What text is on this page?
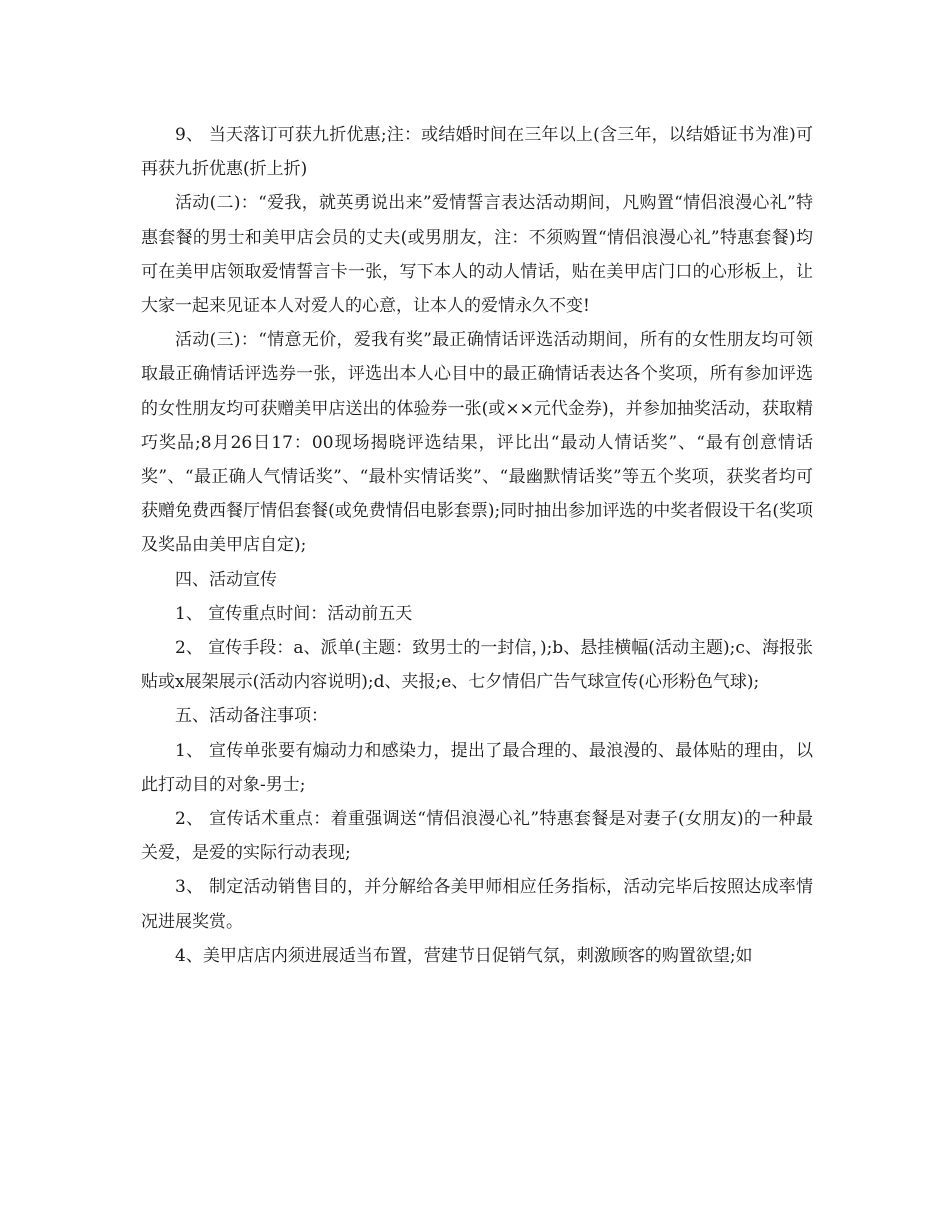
9、 当天落订可获九折优惠;注：或结婚时间在三年以上(含三年，以结婚证书为准)可再获九折优惠(折上折)

活动(二)：“爱我，就英勇说出来”爱情誓言表达活动期间，凡购置“情侣浪漫心礼”特惠套餐的男士和美甲店会员的丈夫(或男朋友，注：不须购置“情侣浪漫心礼”特惠套餐)均可在美甲店领取爱情誓言卡一张，写下本人的动人情话，贴在美甲店门口的心形板上，让大家一起来见证本人对爱人的心意，让本人的爱情永久不变!

活动(三)：“情意无价，爱我有奖”最正确情话评选活动期间，所有的女性朋友均可领取最正确情话评选券一张，评选出本人心目中的最正确情话表达各个奖项，所有参加评选的女性朋友均可获赠美甲店送出的体验券一张(或××元代金券)，并参加抽奖活动，获取精巧奖品;8月26日17：00现场揭晓评选结果，评比出“最动人情话奖”、“最有创意情话奖”、“最正确人气情话奖”、“最朴实情话奖”、“最幽默情话奖”等五个奖项，获奖者均可获赠免费西餐厅情侣套餐(或免费情侣电影套票);同时抽出参加评选的中奖者假设干名(奖项及奖品由美甲店自定);

四、活动宣传

1、 宣传重点时间：活动前五天

2、 宣传手段：a、派单(主题：致男士的一封信，);b、悬挂横幅(活动主题);c、海报张贴或x展架展示(活动内容说明);d、夹报;e、七夕情侣广告气球宣传(心形粉色气球);

五、活动备注事项：

1、 宣传单张要有煽动力和感染力，提出了最合理的、最浪漫的、最体贴的理由，以此打动目的对象-男士;

2、 宣传话术重点：着重强调送“情侣浪漫心礼”特惠套餐是对妻子(女朋友)的一种最关爱，是爱的实际行动表现;

3、 制定活动销售目的，并分解给各美甲师相应任务指标，活动完毕后按照达成率情况进展奖赏。

4、美甲店店内须进展适当布置，营建节日促销气氛，刺激顾客的购置欲望;如
